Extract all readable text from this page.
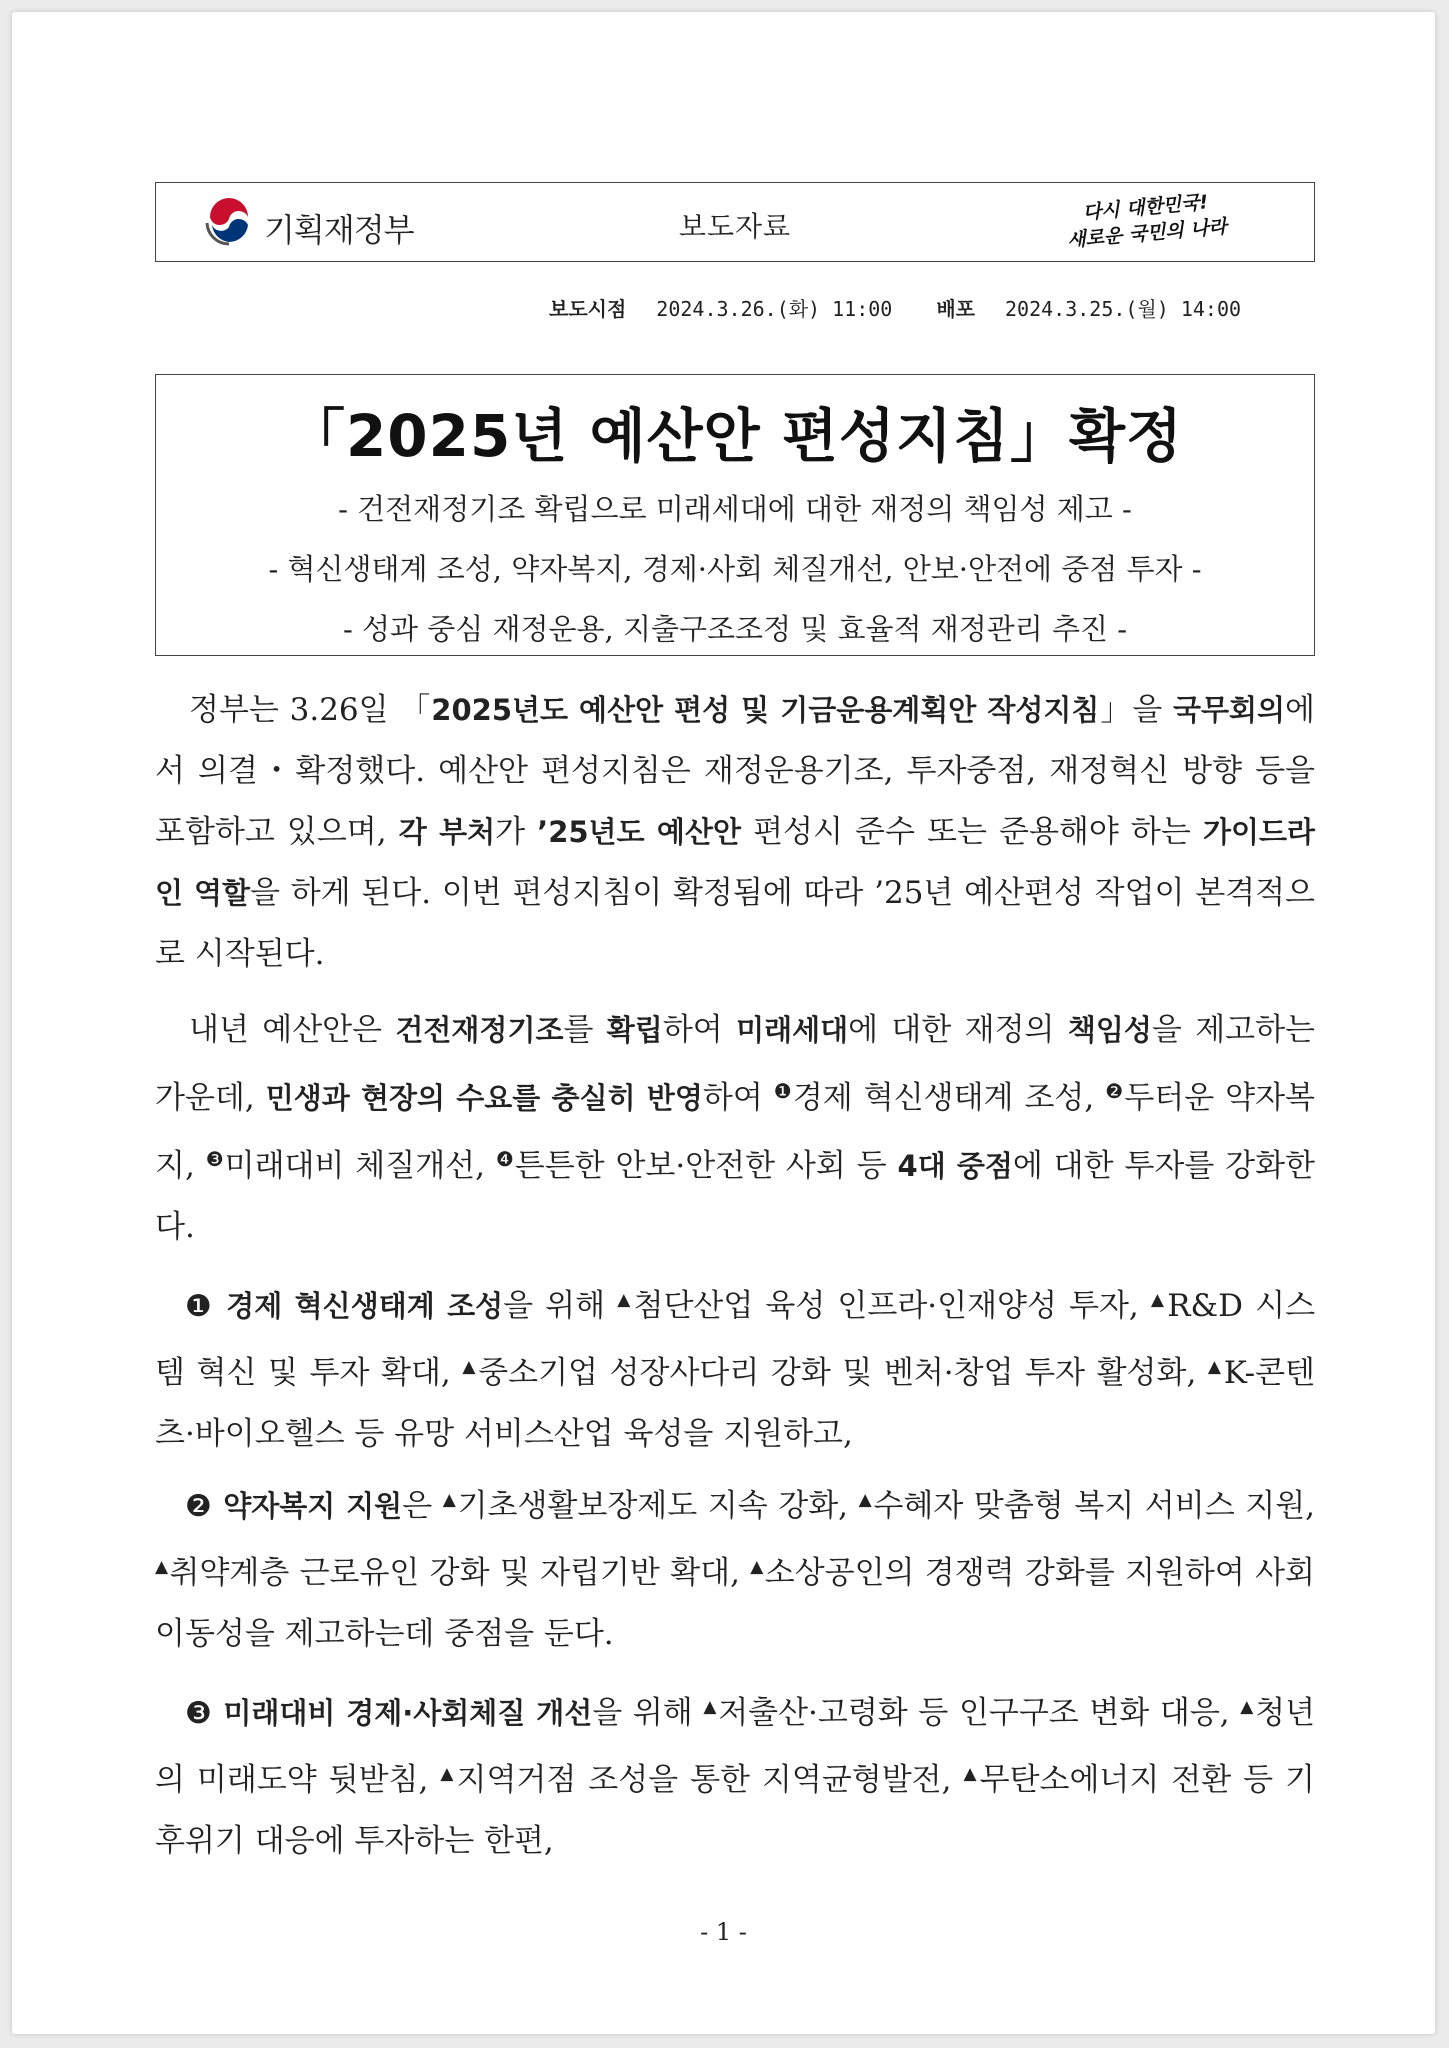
기획재정부	보도자료
다시 대한민국!
새로운 국민의 나라
보도시점 2024.3.26.(화) 11:00 배포 2024.3.25.(월) 14:00
「2025년 예산안 편성지침」확정
- 건전재정기조 확립으로 미래세대에 대한 재정의 책임성 제고 -
- 혁신생태계 조성, 약자복지, 경제·사회 체질개선, 안보·안전에 중점 투자 -
- 성과 중심 재정운용, 지출구조조정 및 효율적 재정관리 추진 -
정부는 3.26일 「2025년도 예산안 편성 및 기금운용계획안 작성지침」을 국무회의에서 의결・확정했다. 예산안 편성지침은 재정운용기조, 투자중점, 재정혁신 방향 등을 포함하고 있으며, 각 부처가 ’25년도 예산안 편성시 준수 또는 준용해야 하는 가이드라인 역할을 하게 된다. 이번 편성지침이 확정됨에 따라 ’25년 예산편성 작업이 본격적으로 시작된다.
내년 예산안은 건전재정기조를 확립하여 미래세대에 대한 재정의 책임성을 제고하는 가운데, 민생과 현장의 수요를 충실히 반영하여 $^❶$경제 혁신생태계 조성, $^❷$두터운 약자복지, $^❸$미래대비 체질개선, $^❹$튼튼한 안보·안전한 사회 등 4대 중점에 대한 투자를 강화한다.
❶ 경제 혁신생태계 조성을 위해 ▲첨단산업 육성 인프라·인재양성 투자, ▲R&D 시스템 혁신 및 투자 확대, ▲중소기업 성장사다리 강화 및 벤처·창업 투자 활성화, ▲K-콘텐츠·바이오헬스 등 유망 서비스산업 육성을 지원하고,
❷ 약자복지 지원은 ▲기초생활보장제도 지속 강화, ▲수혜자 맞춤형 복지 서비스 지원, ▲취약계층 근로유인 강화 및 자립기반 확대, ▲소상공인의 경쟁력 강화를 지원하여 사회이동성을 제고하는데 중점을 둔다.
❸ 미래대비 경제·사회체질 개선을 위해 ▲저출산·고령화 등 인구구조 변화 대응, ▲청년의 미래도약 뒷받침, ▲지역거점 조성을 통한 지역균형발전, ▲무탄소에너지 전환 등 기후위기 대응에 투자하는 한편,
- 1 -
